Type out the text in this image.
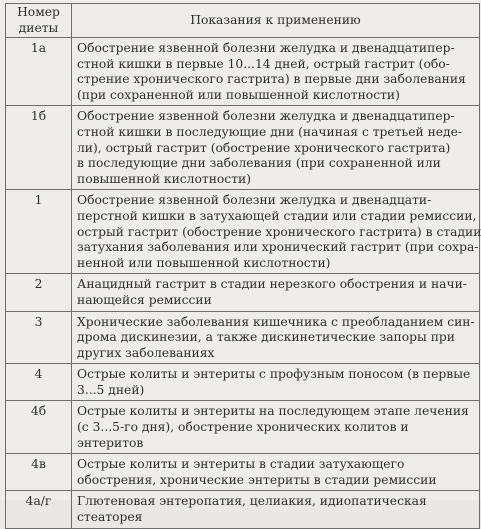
Номер
диеты	Показания к применению
1а	Обострение язвенной болезни желудка и двенадцатипер-
стной кишки в первые 10...14 дней, острый гастрит (обо-
стрение хронического гастрита) в первые дни заболевания
(при сохраненной или повышенной кислотности)

1б	Обострение язвенной болезни желудка и двенадцатипер-
стной кишки в последующие дни (начиная с третьей неде-
ли), острый гастрит (обострение хронического гастрита)
в последующие дни заболевания (при сохраненной или
повышенной кислотности)

1	Обострение язвенной болезни желудка и двенадцати-
перстной кишки в затухающей стадии или стадии ремиссии,
острый гастрит (обострение хронического гастрита) в стадии
затухания заболевания или хронический гастрит (при сохра-
ненной или повышенной кислотности)

2	Анацидный гастрит в стадии нерезкого обострения и начи-
нающейся ремиссии

3	Хронические заболевания кишечника с преобладанием син-
дрома дискинезии, а также дискинетические запоры при
других заболеваниях

4	Острые колиты и энтериты с профузным поносом (в первые
3...5 дней)

4б	Острые колиты и энтериты на последующем этапе лечения
(с 3...5-го дня), обострение хронических колитов и
энтеритов

4в	Острые колиты и энтериты в стадии затухающего
обострения, хронические энтериты в стадии ремиссии

4а/г	Глютеновая энтеропатия, целиакия, идиопатическая
стеаторея
